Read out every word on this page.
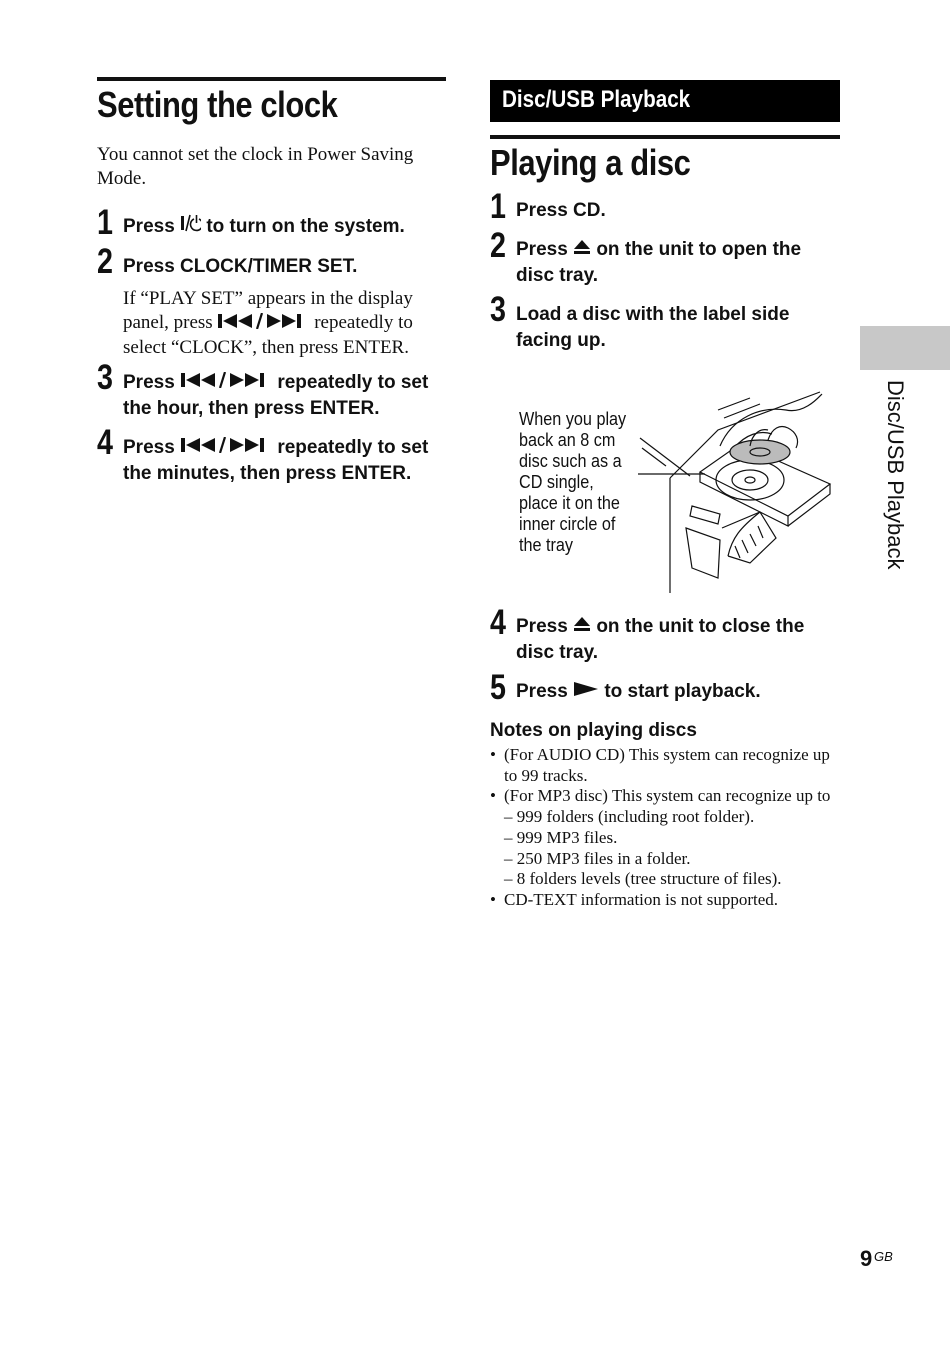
Setting the clock
You cannot set the clock in Power Saving Mode.
1 Press  to turn on the system.
2 Press CLOCK/TIMER SET.
If “PLAY SET” appears in the display panel, press	repeatedly to select “CLOCK”, then press ENTER.
3 Press	repeatedly to set the hour, then press ENTER.
4 Press	repeatedly to set the minutes, then press ENTER.
Disc/USB Playback
Playing a disc
1 Press CD.
2 Press  on the unit to open the disc tray.
3 Load a disc with the label side facing up.
4 Press  on the unit to close the disc tray.
5 Press  to start playback.
When you play back an 8 cm disc such as a CD single, place it on the inner circle of the tray
Notes on playing discs
• (For AUDIO CD) This system can recognize up to 99 tracks.
• (For MP3 disc) This system can recognize up to
– 999 folders (including root folder).
– 999 MP3 files.
– 250 MP3 files in a folder.
– 8 folders levels (tree structure of files).
• CD-TEXT information is not supported.
Disc/USB Playback
9 GB
